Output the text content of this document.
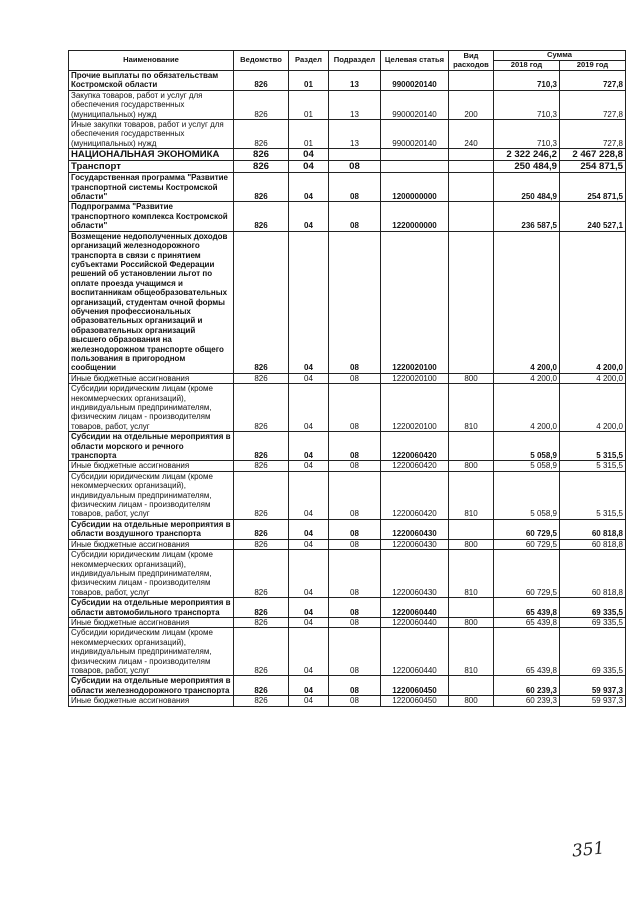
Наименование	Ведомство	Раздел	Подраздел	Целевая статья	Вид расходов	Сумма	
						2018 год	2019 год
Прочие выплаты по обязательствам Костромской области	826	01	13	9900020140		710,3	727,8
Закупка товаров, работ и услуг для обеспечения государственных (муниципальных) нужд	826	01	13	9900020140	200	710,3	727,8
Иные закупки товаров, работ и услуг для обеспечения государственных (муниципальных) нужд	826	01	13	9900020140	240	710,3	727,8
НАЦИОНАЛЬНАЯ ЭКОНОМИКА	826	04				2 322 246,2	2 467 228,8
Транспорт	826	04	08			250 484,9	254 871,5
Государственная программа "Развитие транспортной системы Костромской области"	826	04	08	1200000000		250 484,9	254 871,5
Подпрограмма "Развитие транспортного комплекса Костромской области"	826	04	08	1220000000		236 587,5	240 527,1
Возмещение недополученных доходов организаций железнодорожного транспорта в связи с принятием субъектами Российской Федерации решений об установлении льгот по оплате проезда учащимся и воспитанникам общеобразовательных организаций, студентам очной формы обучения профессиональных образовательных организаций и образовательных организаций высшего образования на железнодорожном транспорте общего пользования в пригородном сообщении	826	04	08	1220020100		4 200,0	4 200,0
Иные бюджетные ассигнования	826	04	08	1220020100	800	4 200,0	4 200,0
Субсидии юридическим лицам (кроме некоммерческих организаций), индивидуальным предпринимателям, физическим лицам - производителям товаров, работ, услуг	826	04	08	1220020100	810	4 200,0	4 200,0
Субсидии на отдельные мероприятия в области морского и речного транспорта	826	04	08	1220060420		5 058,9	5 315,5
Иные бюджетные ассигнования	826	04	08	1220060420	800	5 058,9	5 315,5
Субсидии юридическим лицам (кроме некоммерческих организаций), индивидуальным предпринимателям, физическим лицам - производителям товаров, работ, услуг	826	04	08	1220060420	810	5 058,9	5 315,5
Субсидии на отдельные мероприятия в области воздушного транспорта	826	04	08	1220060430		60 729,5	60 818,8
Иные бюджетные ассигнования	826	04	08	1220060430	800	60 729,5	60 818,8
Субсидии юридическим лицам (кроме некоммерческих организаций), индивидуальным предпринимателям, физическим лицам - производителям товаров, работ, услуг	826	04	08	1220060430	810	60 729,5	60 818,8
Субсидии на отдельные мероприятия в области автомобильного транспорта	826	04	08	1220060440		65 439,8	69 335,5
Иные бюджетные ассигнования	826	04	08	1220060440	800	65 439,8	69 335,5
Субсидии юридическим лицам (кроме некоммерческих организаций), индивидуальным предпринимателям, физическим лицам - производителям товаров, работ, услуг	826	04	08	1220060440	810	65 439,8	69 335,5
Субсидии на отдельные мероприятия в области железнодорожного транспорта	826	04	08	1220060450		60 239,3	59 937,3
Иные бюджетные ассигнования	826	04	08	1220060450	800	60 239,3	59 937,3
351
